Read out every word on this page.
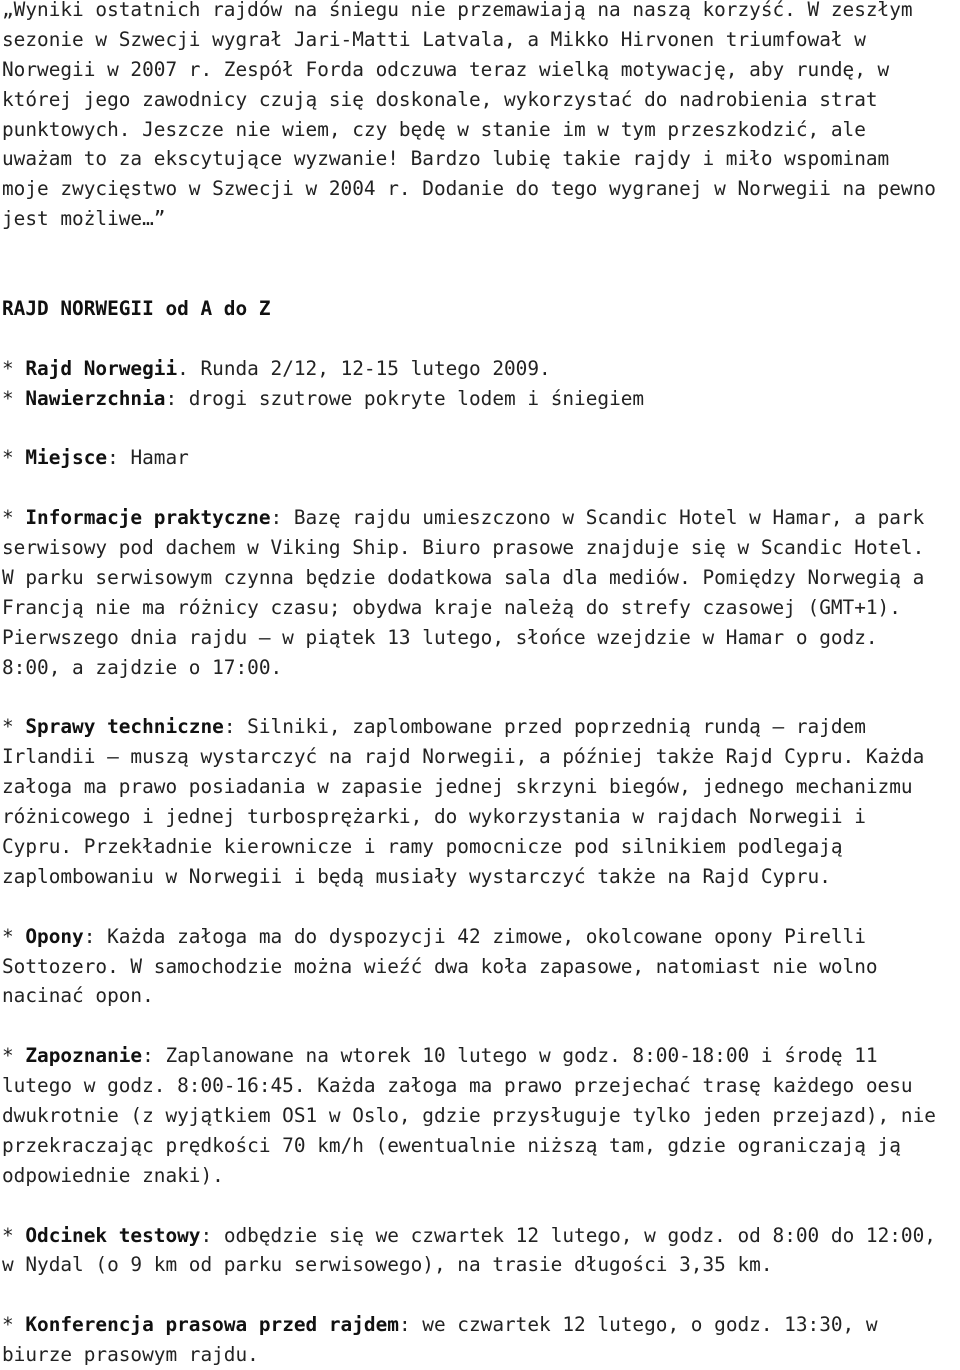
„Wyniki ostatnich rajdów na śniegu nie przemawiają na naszą korzyść. W zeszłym
sezonie w Szwecji wygrał Jari-Matti Latvala, a Mikko Hirvonen triumfował w
Norwegii w 2007 r. Zespół Forda odczuwa teraz wielką motywację, aby rundę, w
której jego zawodnicy czują się doskonale, wykorzystać do nadrobienia strat
punktowych. Jeszcze nie wiem, czy będę w stanie im w tym przeszkodzić, ale
uważam to za ekscytujące wyzwanie! Bardzo lubię takie rajdy i miło wspominam
moje zwycięstwo w Szwecji w 2004 r. Dodanie do tego wygranej w Norwegii na pewno
jest możliwe…”
RAJD NORWEGII od A do Z
* Rajd Norwegii. Runda 2/12, 12-15 lutego 2009.
* Nawierzchnia: drogi szutrowe pokryte lodem i śniegiem
* Miejsce: Hamar
* Informacje praktyczne: Bazę rajdu umieszczono w Scandic Hotel w Hamar, a park
serwisowy pod dachem w Viking Ship. Biuro prasowe znajduje się w Scandic Hotel.
W parku serwisowym czynna będzie dodatkowa sala dla mediów. Pomiędzy Norwegią a
Francją nie ma różnicy czasu; obydwa kraje należą do strefy czasowej (GMT+1).
Pierwszego dnia rajdu – w piątek 13 lutego, słońce wzejdzie w Hamar o godz.
8:00, a zajdzie o 17:00.
* Sprawy techniczne: Silniki, zaplombowane przed poprzednią rundą – rajdem
Irlandii – muszą wystarczyć na rajd Norwegii, a później także Rajd Cypru. Każda
załoga ma prawo posiadania w zapasie jednej skrzyni biegów, jednego mechanizmu
różnicowego i jednej turbosprężarki, do wykorzystania w rajdach Norwegii i
Cypru. Przekładnie kierownicze i ramy pomocnicze pod silnikiem podlegają
zaplombowaniu w Norwegii i będą musiały wystarczyć także na Rajd Cypru.
* Opony: Każda załoga ma do dyspozycji 42 zimowe, okolcowane opony Pirelli
Sottozero. W samochodzie można wieźć dwa koła zapasowe, natomiast nie wolno
nacinać opon.
* Zapoznanie: Zaplanowane na wtorek 10 lutego w godz. 8:00-18:00 i środę 11
lutego w godz. 8:00-16:45. Każda załoga ma prawo przejechać trasę każdego oesu
dwukrotnie (z wyjątkiem OS1 w Oslo, gdzie przysługuje tylko jeden przejazd), nie
przekraczając prędkości 70 km/h (ewentualnie niższą tam, gdzie ograniczają ją
odpowiednie znaki).
* Odcinek testowy: odbędzie się we czwartek 12 lutego, w godz. od 8:00 do 12:00,
w Nydal (o 9 km od parku serwisowego), na trasie długości 3,35 km.
* Konferencja prasowa przed rajdem: we czwartek 12 lutego, o godz. 13:30, w
biurze prasowym rajdu.
